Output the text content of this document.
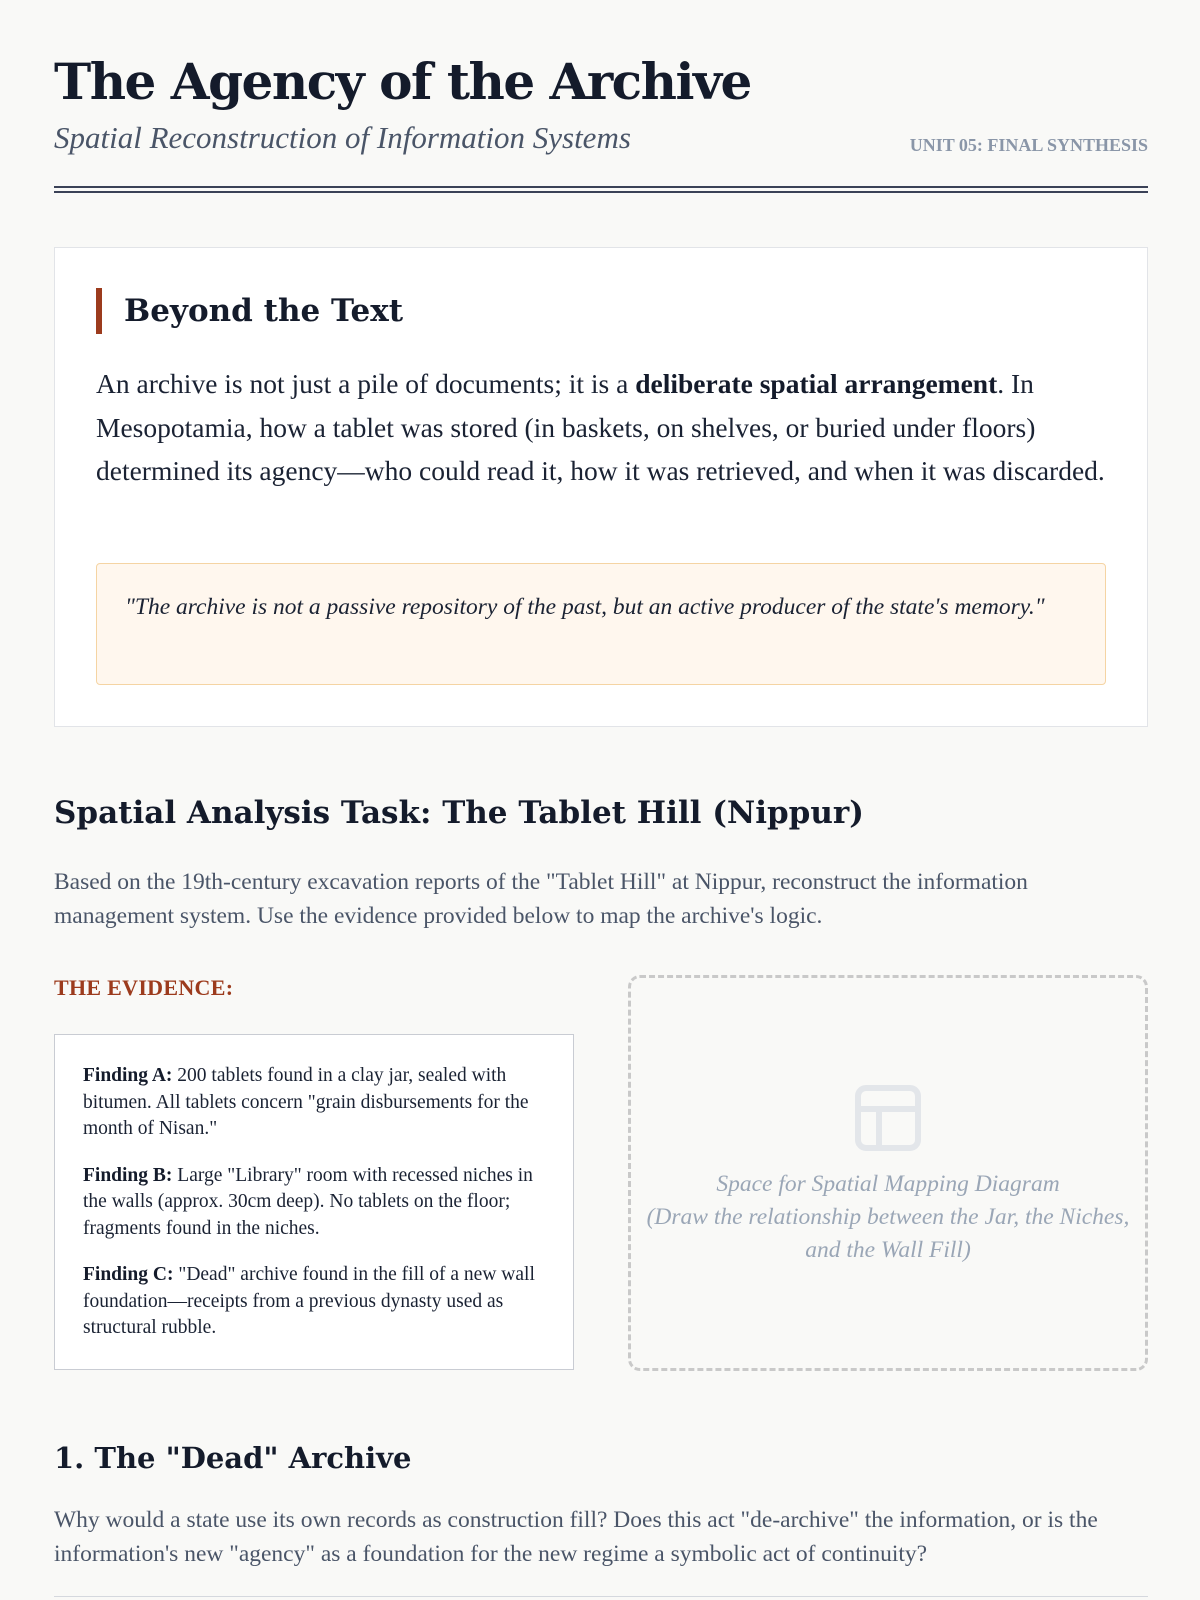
The Agency of the Archive

Spatial Reconstruction of Information Systems	UNIT 05: FINAL SYNTHESIS
Beyond the Text

An archive is not just a pile of documents; it is a deliberate spatial arrangement. In Mesopotamia, how a tablet was stored (in baskets, on shelves, or buried under floors) determined its agency—who could read it, how it was retrieved, and when it was discarded.

"The archive is not a passive repository of the past, but an active producer of the state's memory."

Spatial Analysis Task: The Tablet Hill (Nippur)

Based on the 19th-century excavation reports of the "Tablet Hill" at Nippur, reconstruct the information management system. Use the evidence provided below to map the archive's logic.

THE EVIDENCE:

Finding A: 200 tablets found in a clay jar, sealed with bitumen. All tablets concern "grain disbursements for the month of Nisan."

Finding B: Large "Library" room with recessed niches in the walls (approx. 30cm deep). No tablets on the floor; fragments found in the niches.

Finding C: "Dead" archive found in the fill of a new wall foundation—receipts from a previous dynasty used as structural rubble.

Space for Spatial Mapping Diagram
(Draw the relationship between the Jar, the Niches, and the Wall Fill)

1. The "Dead" Archive

Why would a state use its own records as construction fill? Does this act "de-archive" the information, or is the information's new "agency" as a foundation for the new regime a symbolic act of continuity?
